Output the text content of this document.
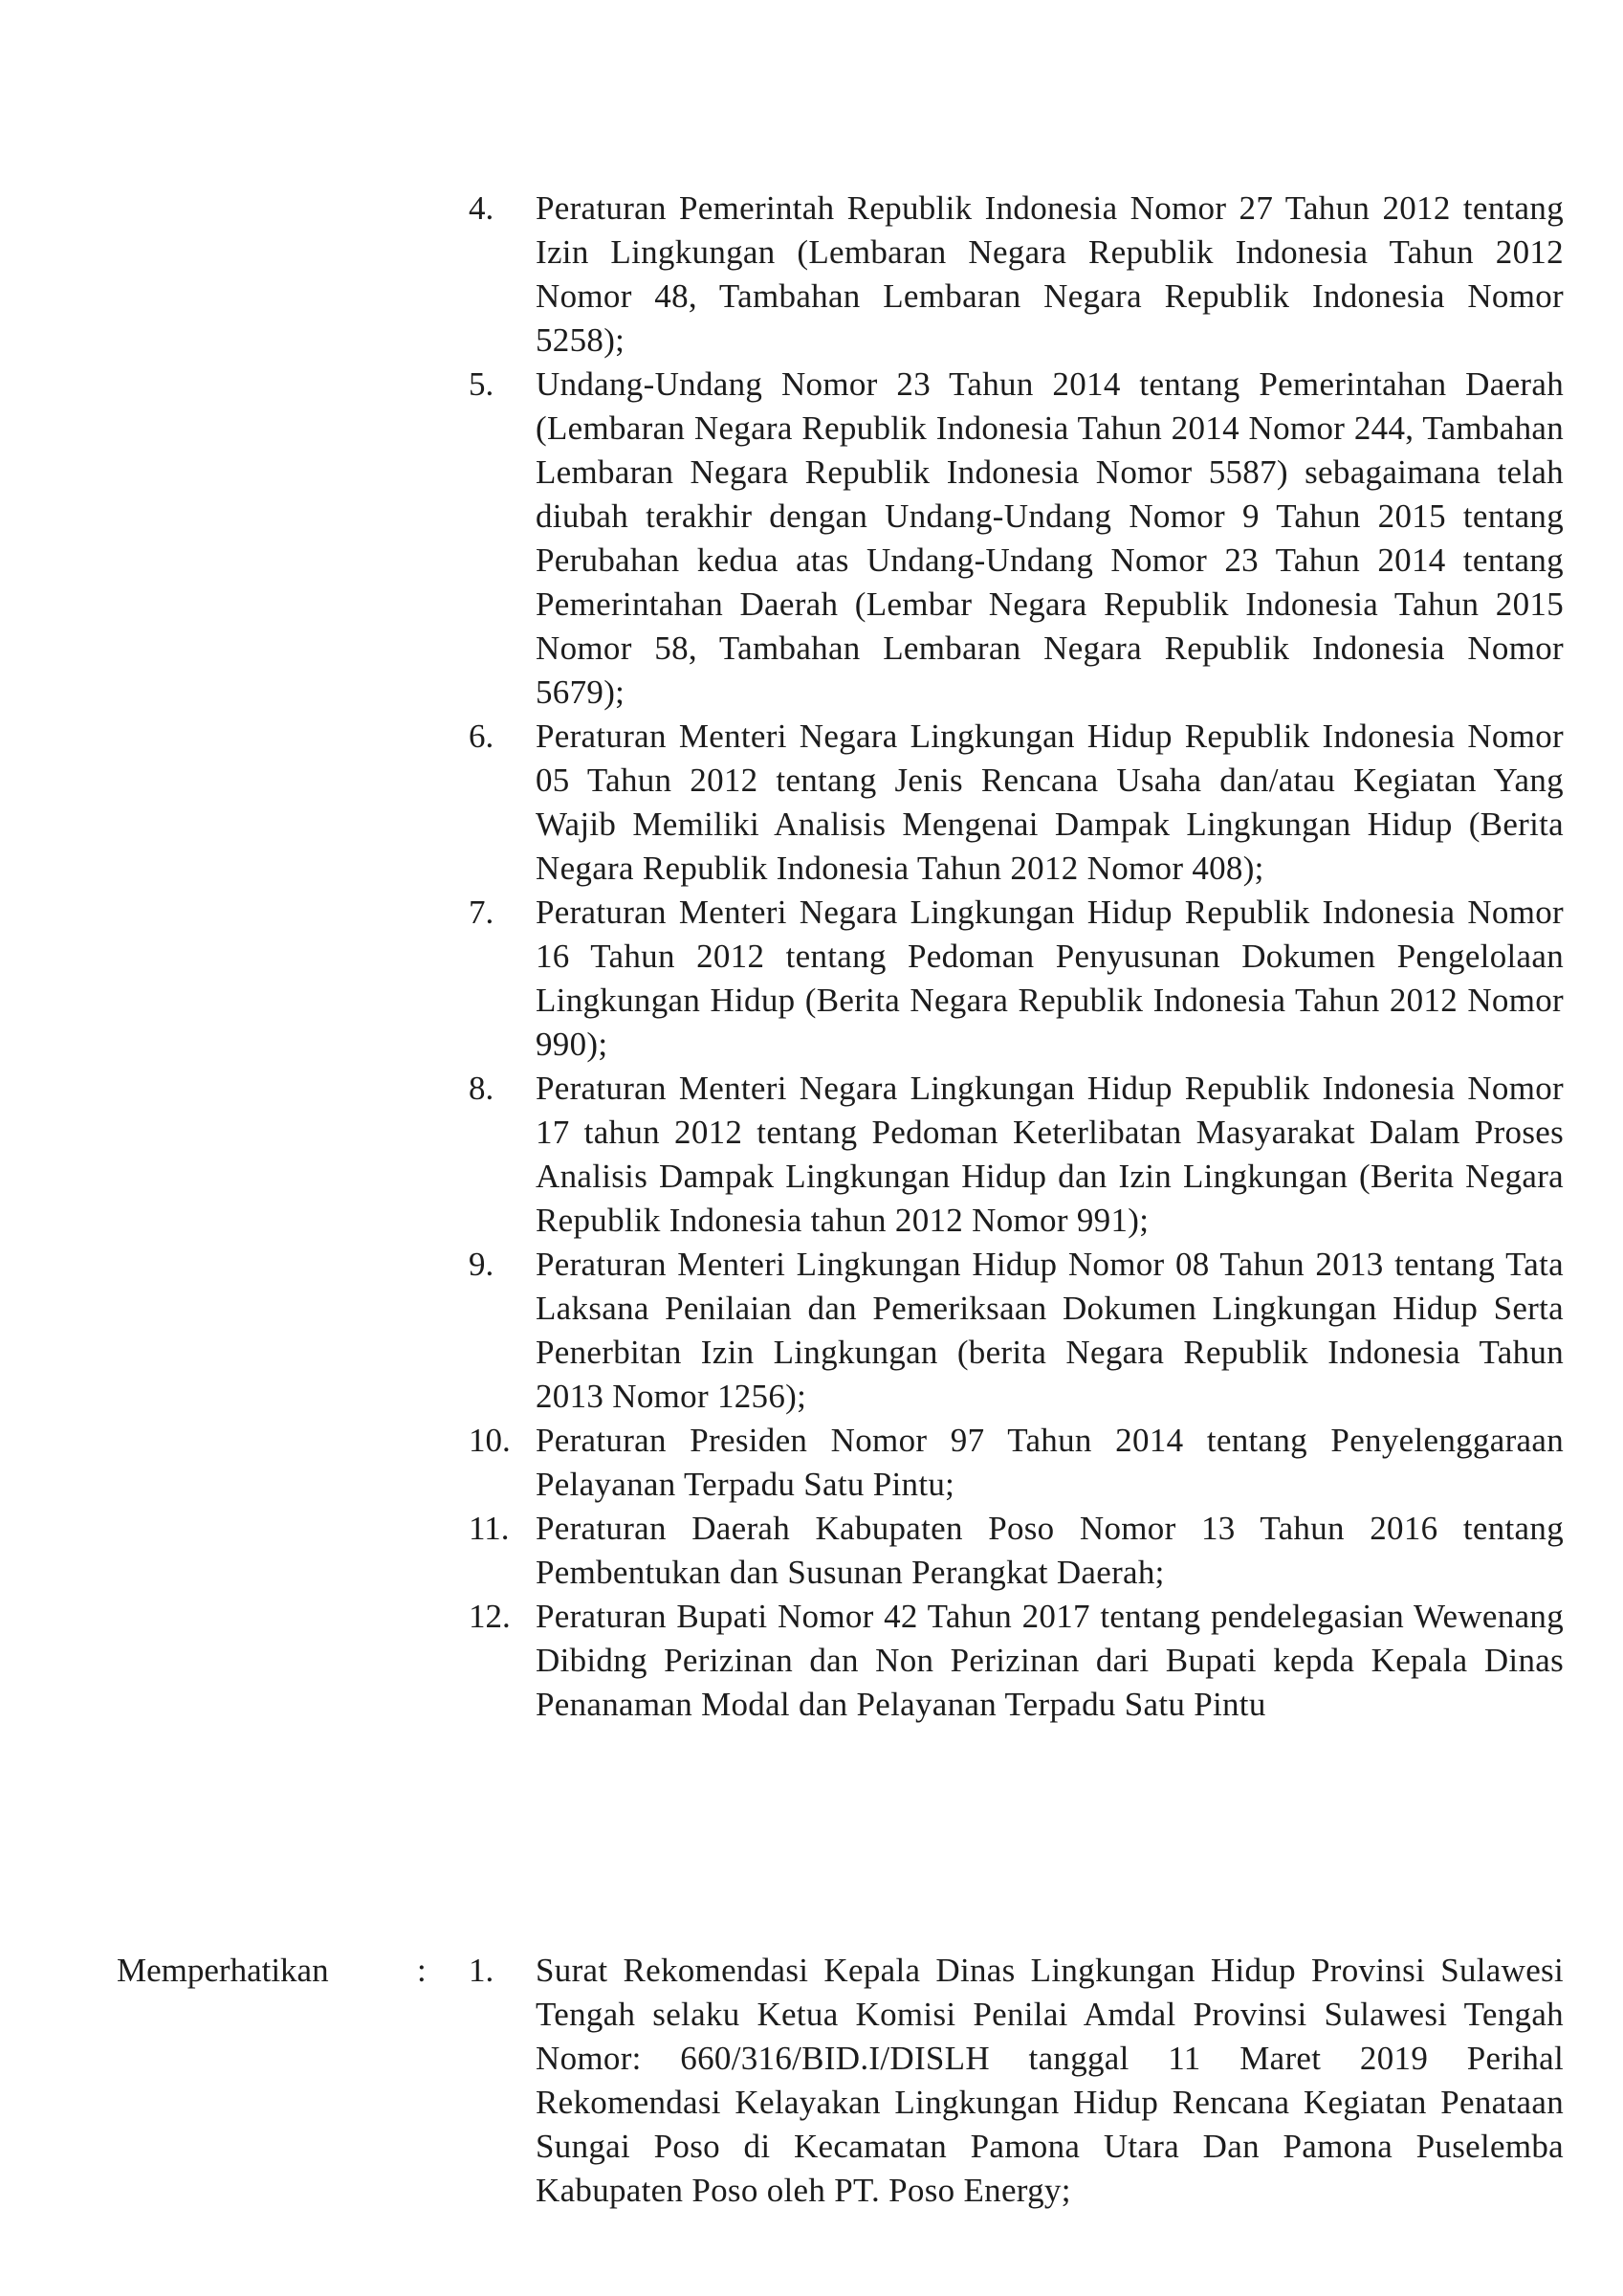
4.	Peraturan Pemerintah Republik Indonesia Nomor 27 Tahun 2012 tentang Izin Lingkungan (Lembaran Negara Republik Indonesia Tahun 2012 Nomor 48, Tambahan Lembaran Negara Republik Indonesia Nomor 5258);
5.	Undang-Undang Nomor 23 Tahun 2014 tentang Pemerintahan Daerah (Lembaran Negara Republik Indonesia Tahun 2014 Nomor 244, Tambahan Lembaran Negara Republik Indonesia Nomor 5587) sebagaimana telah diubah terakhir dengan Undang-Undang Nomor 9 Tahun 2015 tentang Perubahan kedua atas Undang-Undang Nomor 23 Tahun 2014 tentang Pemerintahan Daerah (Lembar Negara Republik Indonesia Tahun 2015 Nomor 58, Tambahan Lembaran Negara Republik Indonesia Nomor 5679);
6.	Peraturan Menteri Negara Lingkungan Hidup Republik Indonesia Nomor 05 Tahun 2012 tentang Jenis Rencana Usaha dan/atau Kegiatan Yang Wajib Memiliki Analisis Mengenai Dampak Lingkungan Hidup (Berita Negara Republik Indonesia Tahun 2012 Nomor 408);
7.	Peraturan Menteri Negara Lingkungan Hidup Republik Indonesia Nomor 16 Tahun 2012 tentang Pedoman Penyusunan Dokumen Pengelolaan Lingkungan Hidup (Berita Negara Republik Indonesia Tahun 2012 Nomor 990);
8.	Peraturan Menteri Negara Lingkungan Hidup Republik Indonesia Nomor 17 tahun 2012 tentang Pedoman Keterlibatan Masyarakat Dalam Proses Analisis Dampak Lingkungan Hidup dan Izin Lingkungan (Berita Negara Republik Indonesia tahun 2012 Nomor 991);
9.	Peraturan Menteri Lingkungan Hidup Nomor 08 Tahun 2013 tentang Tata Laksana Penilaian dan Pemeriksaan Dokumen Lingkungan Hidup Serta Penerbitan Izin Lingkungan (berita Negara Republik Indonesia Tahun 2013 Nomor 1256);
10. Peraturan Presiden Nomor 97 Tahun 2014 tentang Penyelenggaraan Pelayanan Terpadu Satu Pintu;
11. Peraturan Daerah Kabupaten Poso Nomor 13 Tahun 2016 tentang Pembentukan dan Susunan Perangkat Daerah;
12. Peraturan Bupati Nomor 42 Tahun 2017 tentang pendelegasian Wewenang Dibidng Perizinan dan Non Perizinan dari Bupati kepda Kepala Dinas Penanaman Modal dan Pelayanan Terpadu Satu Pintu
Memperhatikan	: 1.	Surat Rekomendasi Kepala Dinas Lingkungan Hidup Provinsi Sulawesi Tengah selaku Ketua Komisi Penilai Amdal Provinsi Sulawesi Tengah Nomor: 660/316/BID.I/DISLH tanggal 11 Maret 2019 Perihal Rekomendasi Kelayakan Lingkungan Hidup Rencana Kegiatan Penataan Sungai Poso di Kecamatan Pamona Utara Dan Pamona Puselemba Kabupaten Poso oleh PT. Poso Energy;
